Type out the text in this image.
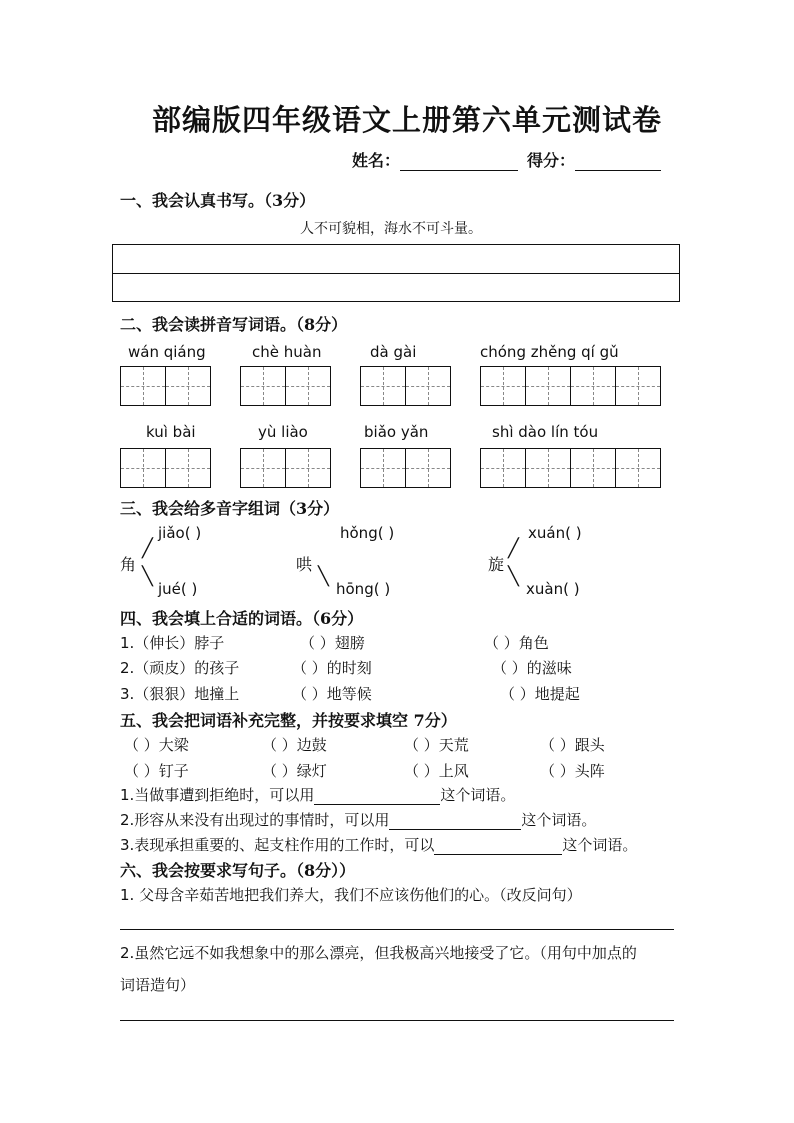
部编版四年级语文上册第六单元测试卷
姓名：	得分：
一、我会认真书写。（3分）
人不可貌相，海水不可斗量。
二、我会读拼音写词语。（8分）
wán qiáng	chè huàn	dà gài	chóng zhěng qí gǔ
kuì bài	yù liào	biǎo yǎn	shì dào lín tóu
三、我会给多音字组词（3分）
jiǎo( )
角
╱
╲
jué( )
hǒng( )
哄
╲
hōng( )
xuán( )
旋
╱
╲
xuàn( )
四、我会填上合适的词语。（6分）
1.（伸长）脖子	（ ）翅膀	（ ）角色
2.（顽皮）的孩子	（ ）的时刻	（ ）的滋味
3.（狠狠）地撞上	（ ）地等候	（ ）地提起
五、我会把词语补充完整，并按要求填空 7分）
（ ）大梁	（ ）边鼓	（ ）天荒	（ ）跟头
（ ）钉子	（ ）绿灯	（ ）上风	（ ）头阵
1.当做事遭到拒绝时，可以用	这个词语。
2.形容从来没有出现过的事情时，可以用	这个词语。
3.表现承担重要的、起支柱作用的工作时，可以	这个词语。
六、我会按要求写句子。（8分））
1. 父母含辛茹苦地把我们养大，我们不应该伤他们的心。（改反问句）
2.虽然它远不如我想象中的那么漂亮，但我极高兴地接受了它。（用句中加点的
词语造句）
